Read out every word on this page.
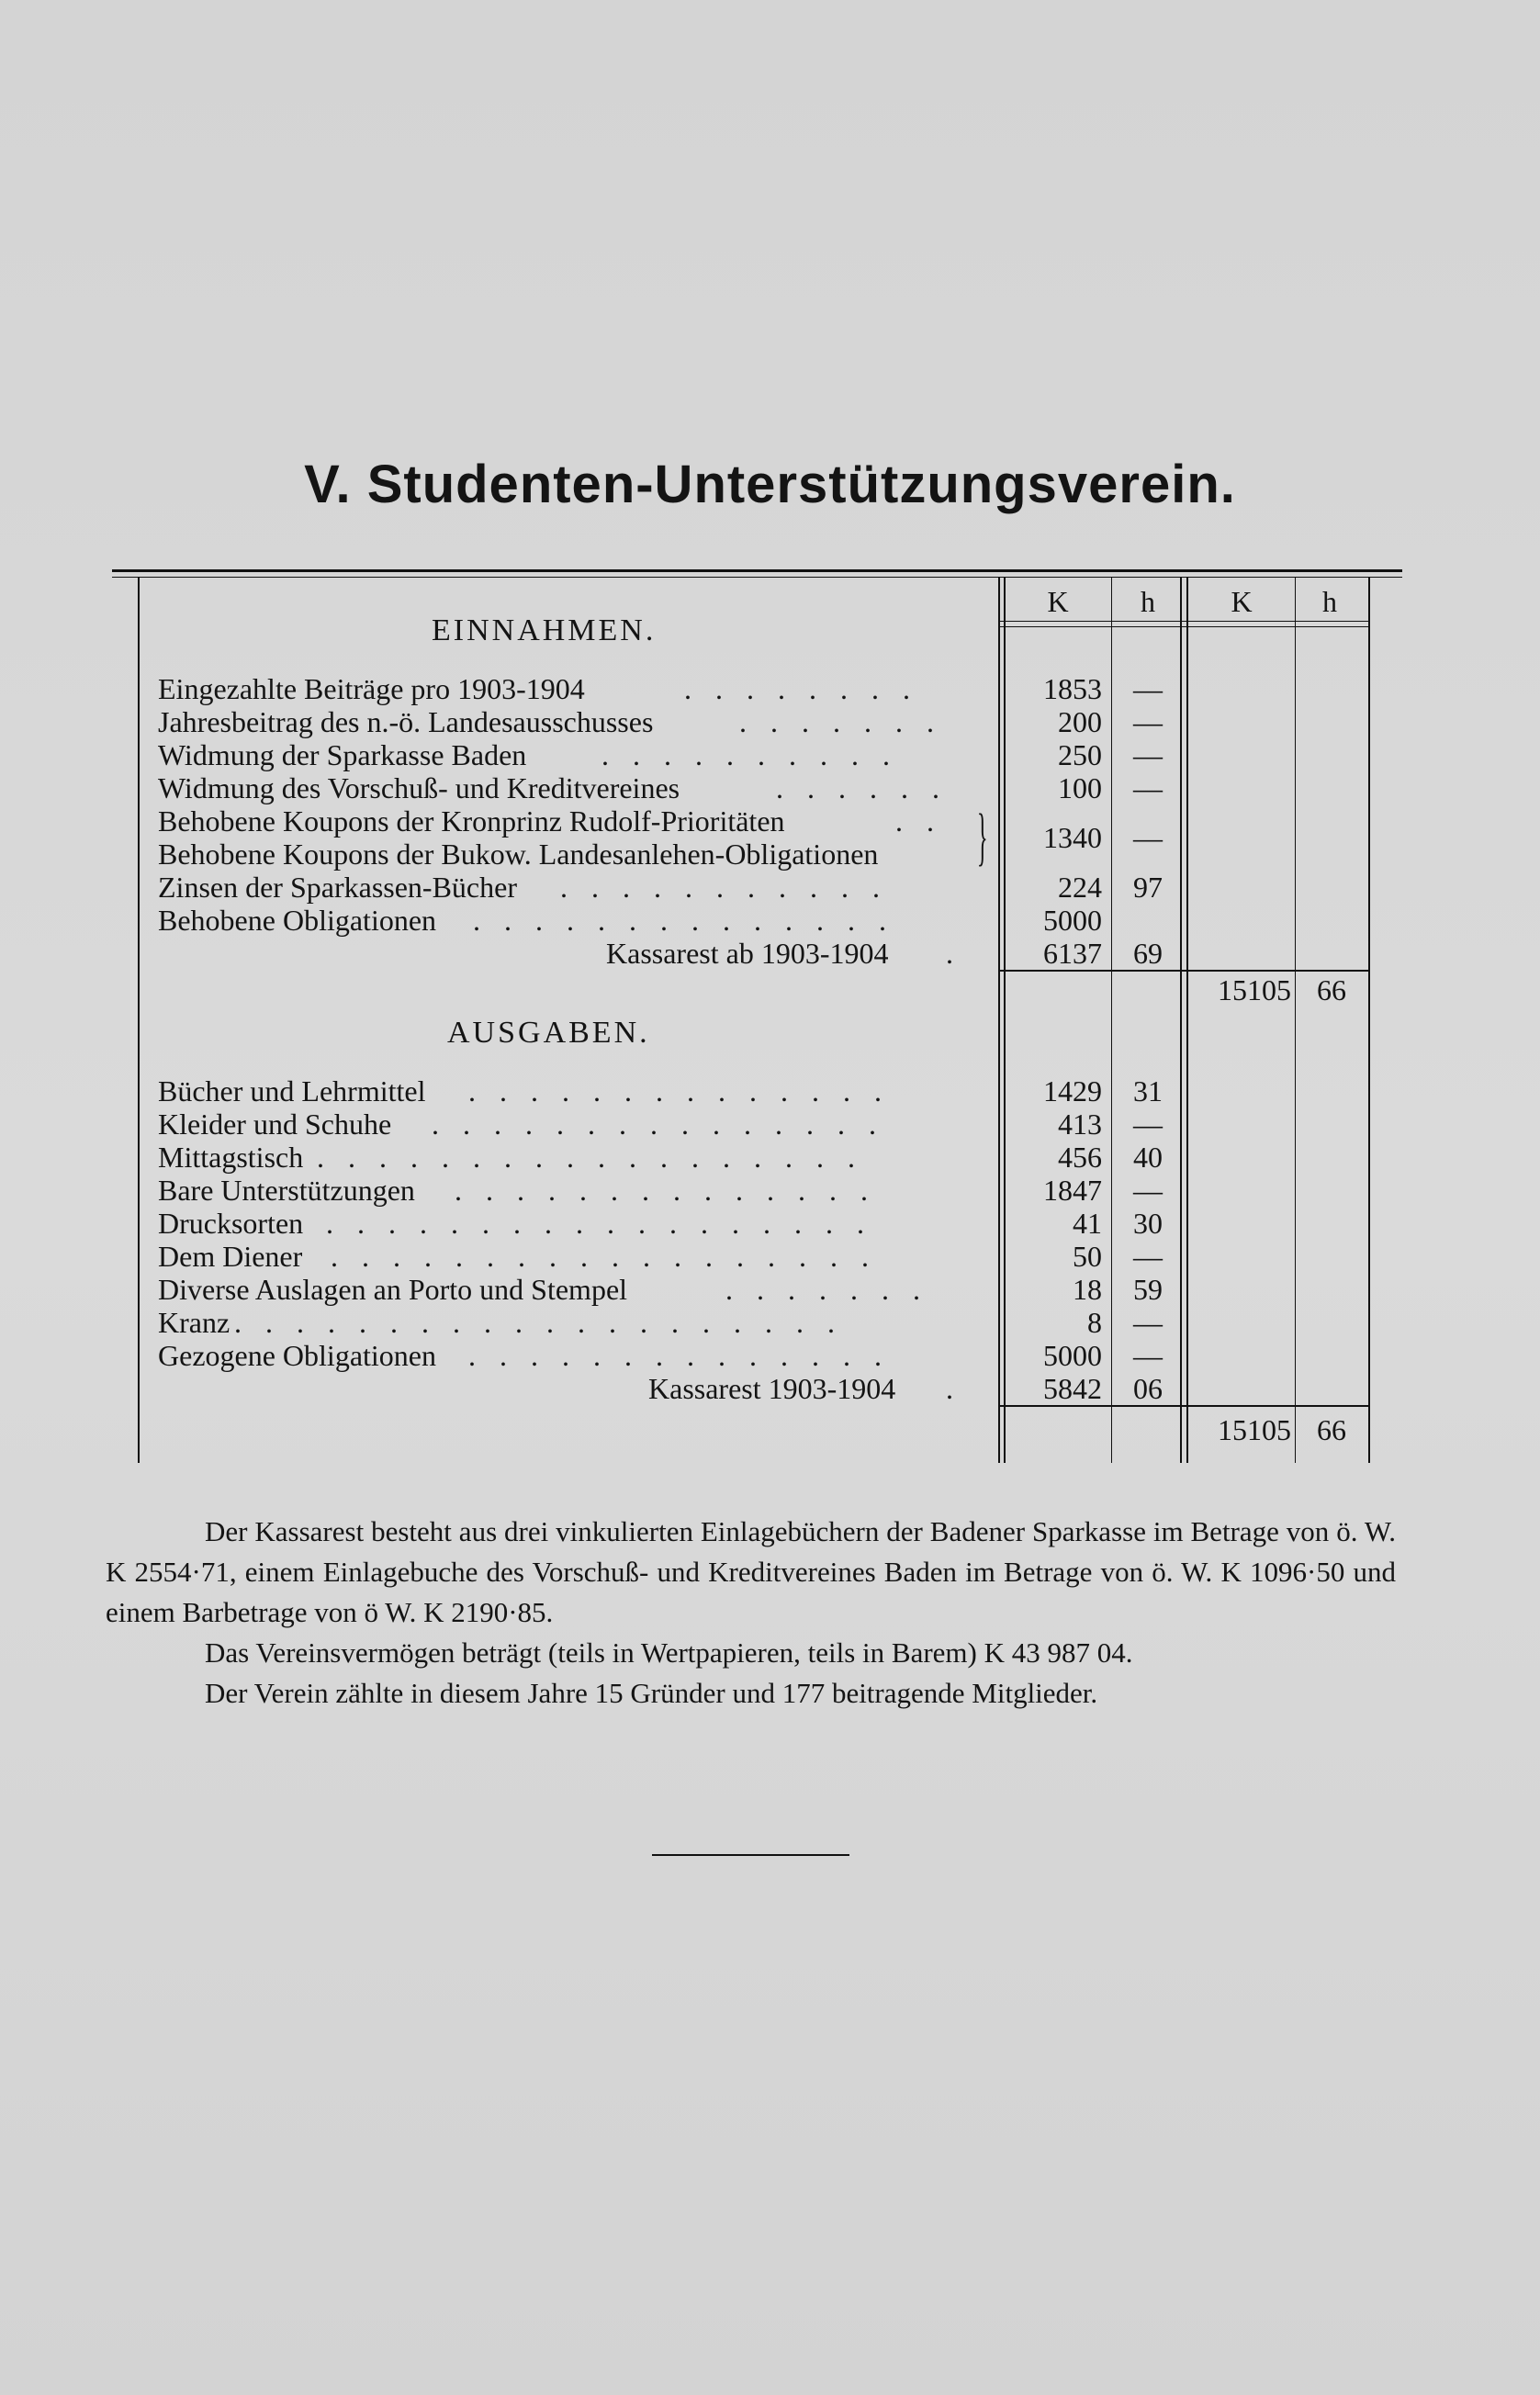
V. Studenten-Unterstützungsverein.
K	h	K	h
EINNAHMEN.
Eingezahlte Beiträge pro 1903-1904	. . . . . . . .	1853	—
Jahresbeitrag des n.-ö. Landesausschusses	. . . . . . .	200	—
Widmung der Sparkasse Baden	. . . . . . . . . .	250	—
Widmung des Vorschuß- und Kreditvereines	. . . . . .	100	—
Behobene Koupons der Kronprinz Rudolf-Prioritäten	. .
Behobene Koupons der Bukow. Landesanlehen-Obligationen }	1340	—
Zinsen der Sparkassen-Bücher . . . . . . . . . . .	224	97
Behobene Obligationen . . . . . . . . . . . . . .	5000
Kassarest ab 1903-1904 .	6137	69
15105 66
AUSGABEN.
Bücher und Lehrmittel . . . . . . . . . . . . . .	1429	31
Kleider und Schuhe . . . . . . . . . . . . . . .	413	—
Mittagstisch . . . . . . . . . . . . . . . . . .	456	40
Bare Unterstützungen . . . . . . . . . . . . . .	1847	—
Drucksorten . . . . . . . . . . . . . . . . . .	41	30
Dem Diener . . . . . . . . . . . . . . . . . .	50	—
Diverse Auslagen an Porto und Stempel	. . . . . . .	18	59
Kranz . . . . . . . . . . . . . . . . . . . .	8	—
Gezogene Obligationen . . . . . . . . . . . . . .	5000	—
Kassarest 1903-1904 .	5842	06
15105 66

Der Kassarest besteht aus drei vinkulierten Einlagebüchern der Badener Sparkasse im Betrage von ö. W. K 2554·71, einem Einlagebuche des Vorschuß- und Kreditvereines Baden im Betrage von ö. W. K 1096·50 und einem Barbetrage von ö W. K 2190·85.

Das Vereinsvermögen beträgt (teils in Wertpapieren, teils in Barem) K 43 987 04.

Der Verein zählte in diesem Jahre 15 Gründer und 177 beitragende Mitglieder.
